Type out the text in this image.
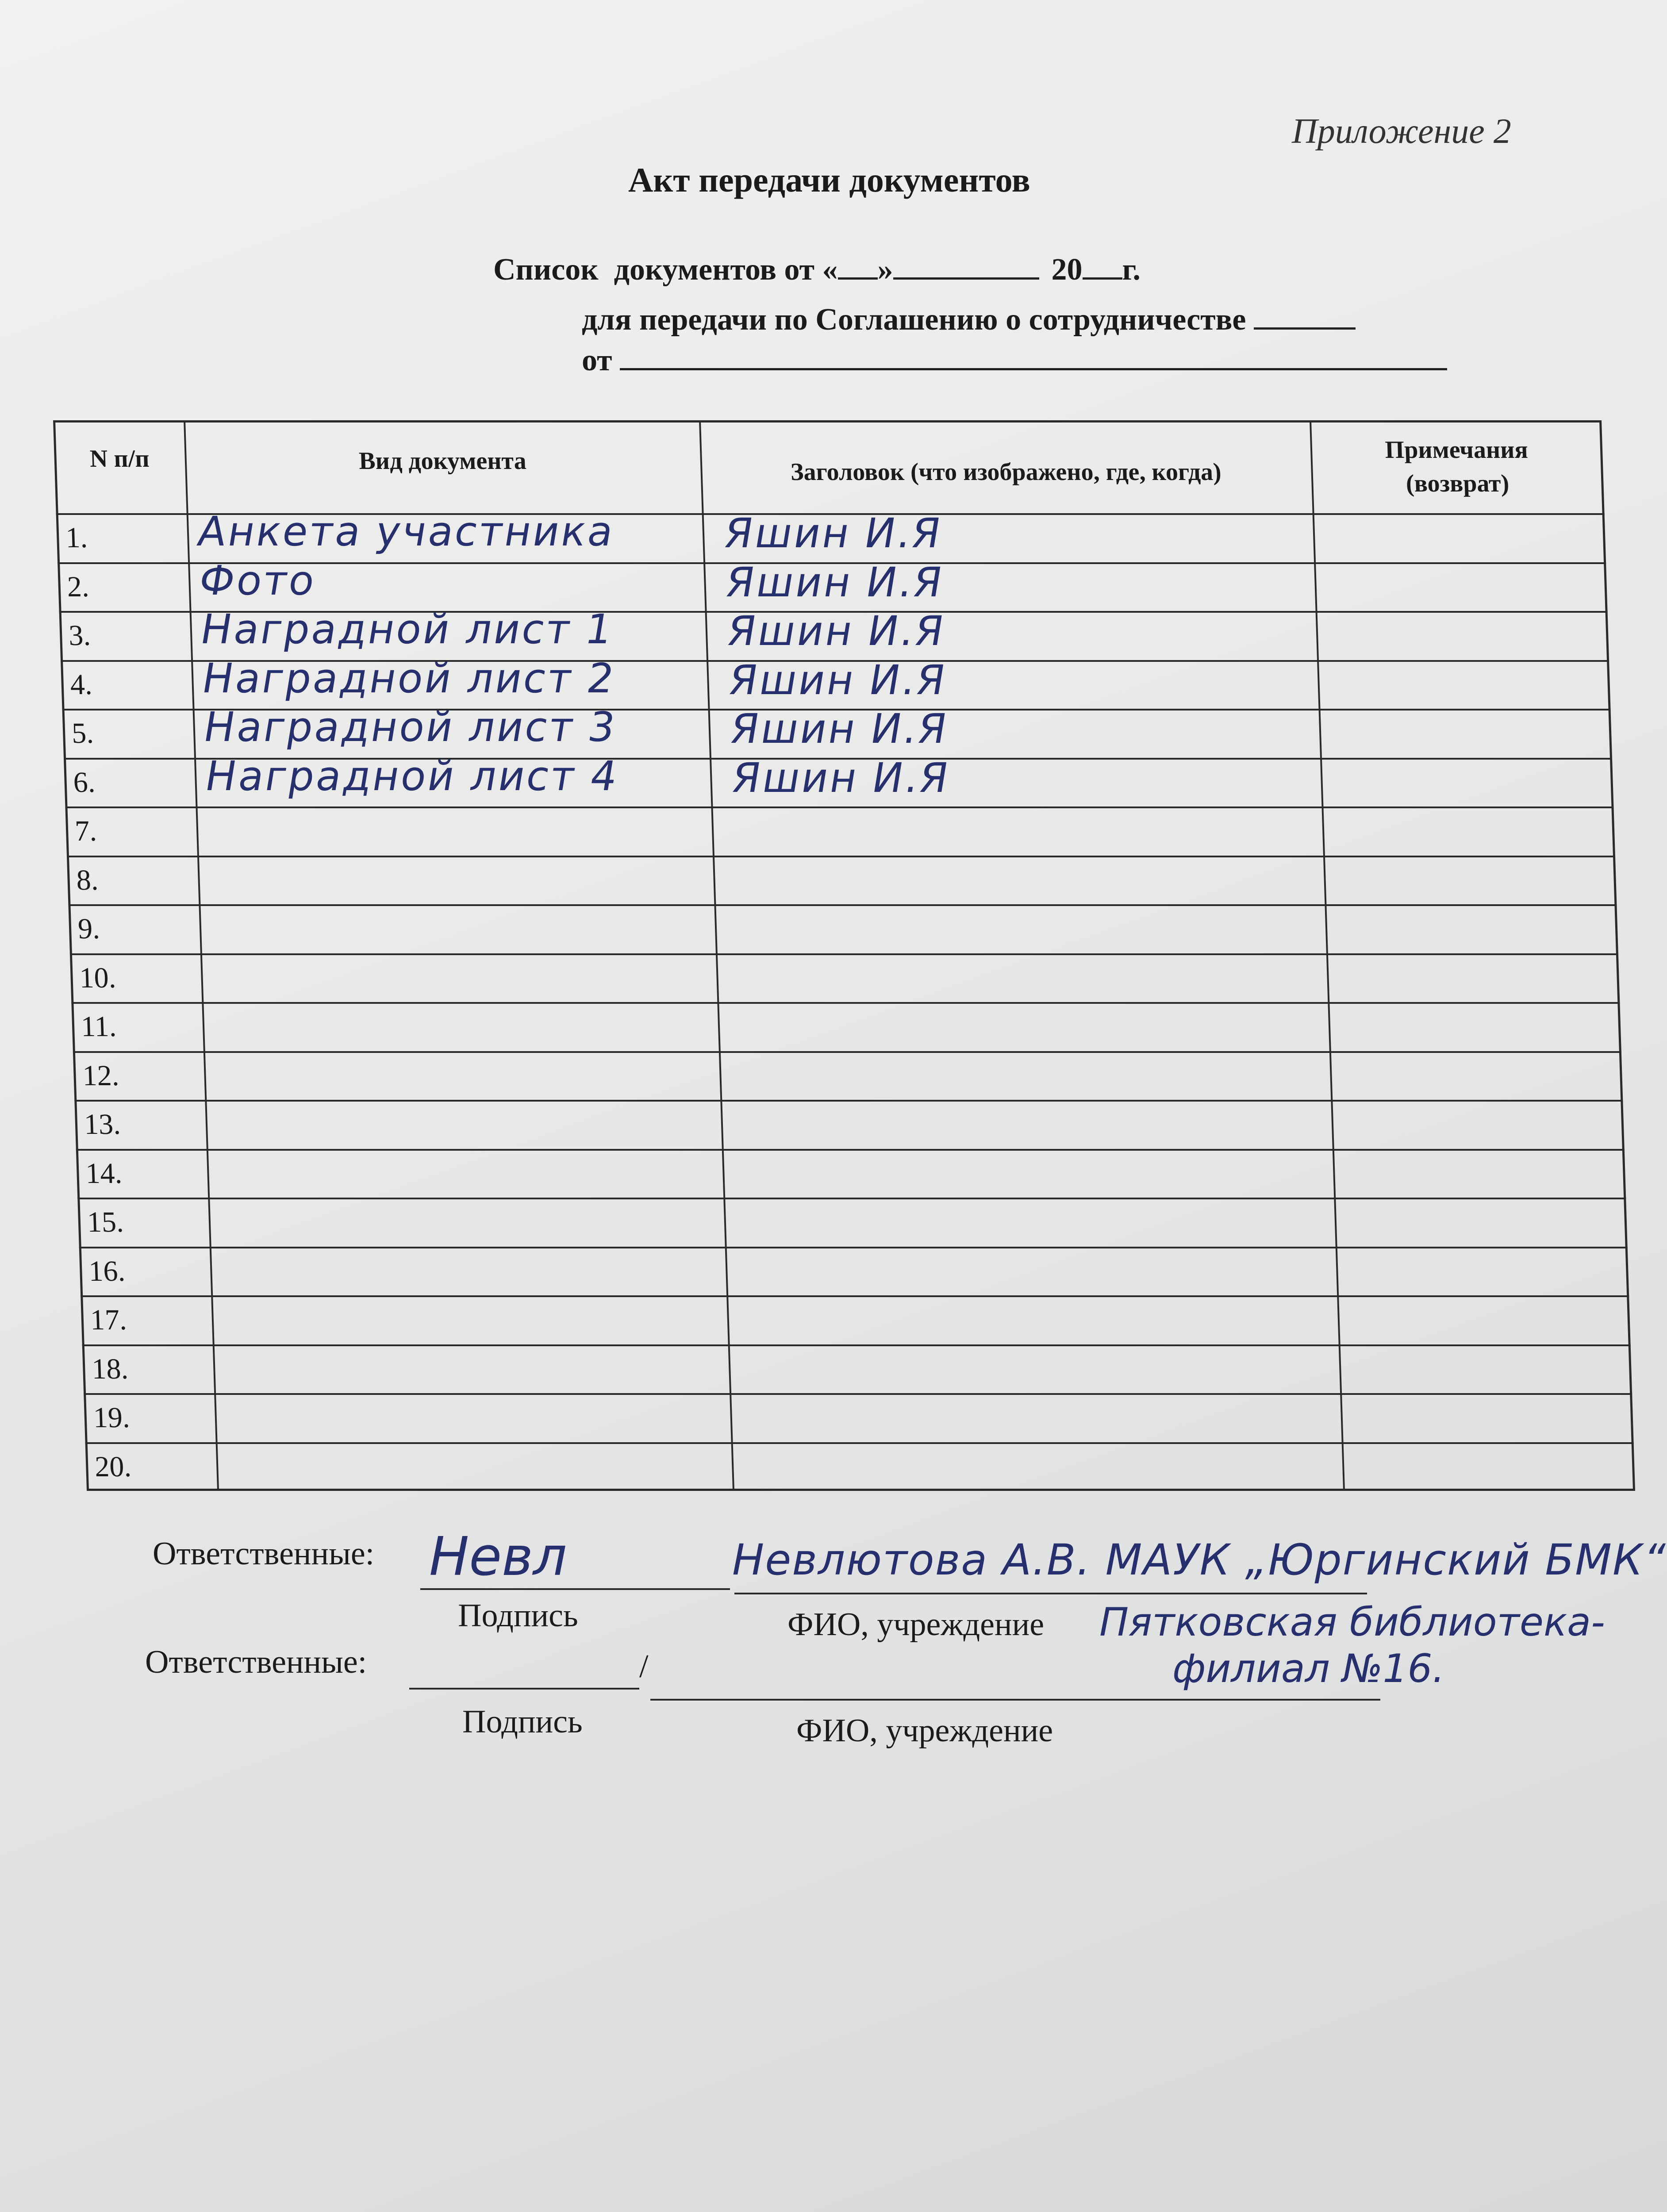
Приложение 2
Акт передачи документов
Список  документов от « »	20 г.
для передачи по Соглашению о сотрудничестве
от
N п/п	Вид документа	Заголовок (что изображено, где, когда)
Примечания (возврат)
1.	Анкета участника	Яшин И.Я
2.	Фото	Яшин И.Я
3.	Наградной лист 1	Яшин И.Я
4.	Наградной лист 2	Яшин И.Я
5.	Наградной лист 3	Яшин И.Я
6.	Наградной лист 4	Яшин И.Я
7.
8.
9.
10.
11.
12.
13.
14.
15.
16.
17.
18.
19.
20.
Ответственные: Невл	Невлютова А.В. МАУК „Юргинский БМК“
Подпись	ФИО, учреждение Пятковская библиотека-
филиал №16.
Ответственные:	/
Подпись	ФИО, учреждение
